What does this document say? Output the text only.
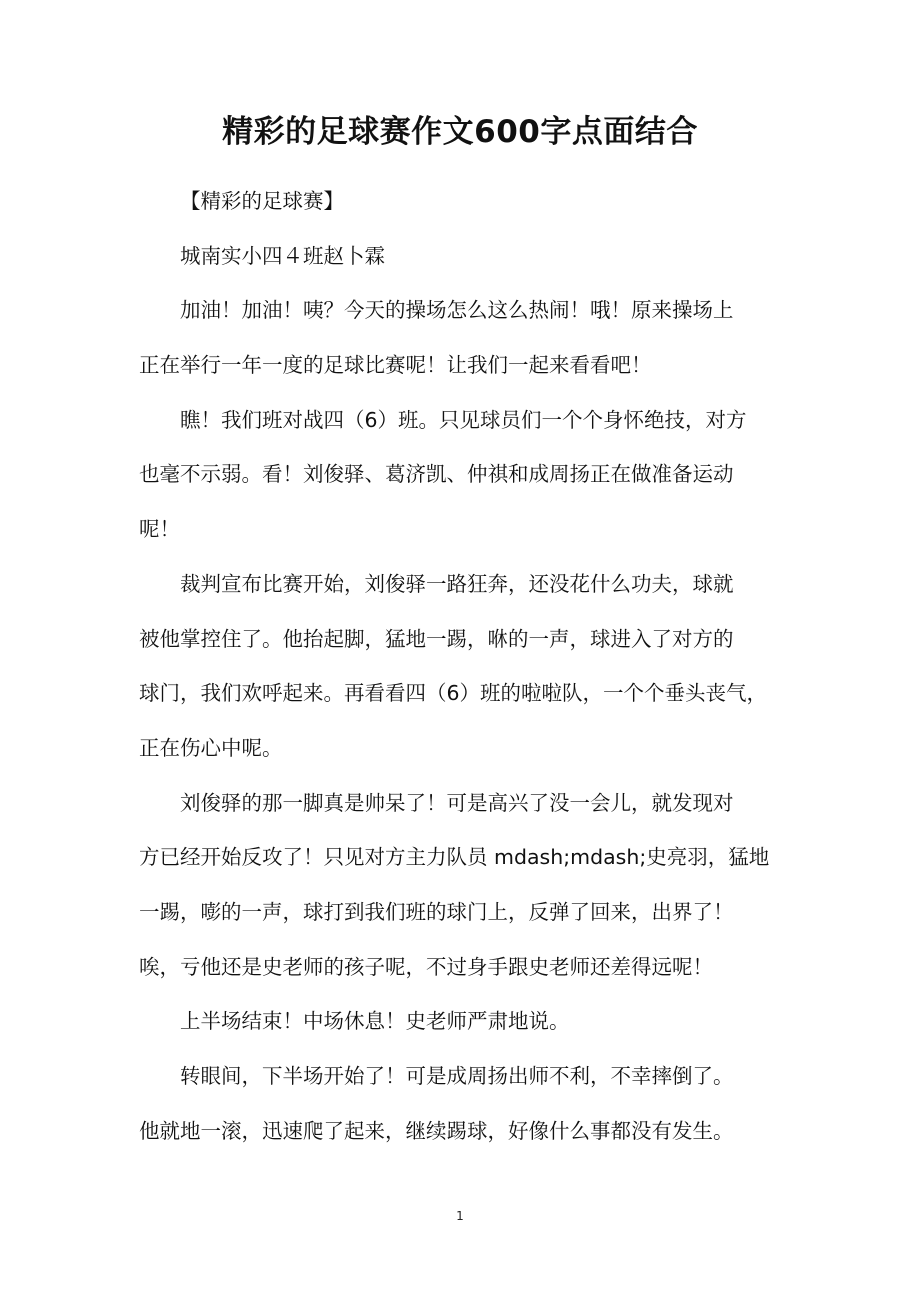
精彩的足球赛作文600字点面结合
【精彩的足球赛】
城南实小四４班赵卜霖
加油！加油！咦？今天的操场怎么这么热闹！哦！原来操场上
正在举行一年一度的足球比赛呢！让我们一起来看看吧！
瞧！我们班对战四（6）班。只见球员们一个个身怀绝技，对方
也毫不示弱。看！刘俊驿、葛济凯、仲祺和成周扬正在做准备运动
呢！
裁判宣布比赛开始，刘俊驿一路狂奔，还没花什么功夫，球就
被他掌控住了。他抬起脚，猛地一踢，咻的一声，球进入了对方的
球门，我们欢呼起来。再看看四（6）班的啦啦队，一个个垂头丧气，
正在伤心中呢。
刘俊驿的那一脚真是帅呆了！可是高兴了没一会儿，就发现对
方已经开始反攻了！只见对方主力队员 mdash;mdash;史亮羽，猛地
一踢，嘭的一声，球打到我们班的球门上，反弹了回来，出界了！
唉，亏他还是史老师的孩子呢，不过身手跟史老师还差得远呢！
上半场结束！中场休息！史老师严肃地说。
转眼间，下半场开始了！可是成周扬出师不利，不幸摔倒了。
他就地一滚，迅速爬了起来，继续踢球，好像什么事都没有发生。
1
